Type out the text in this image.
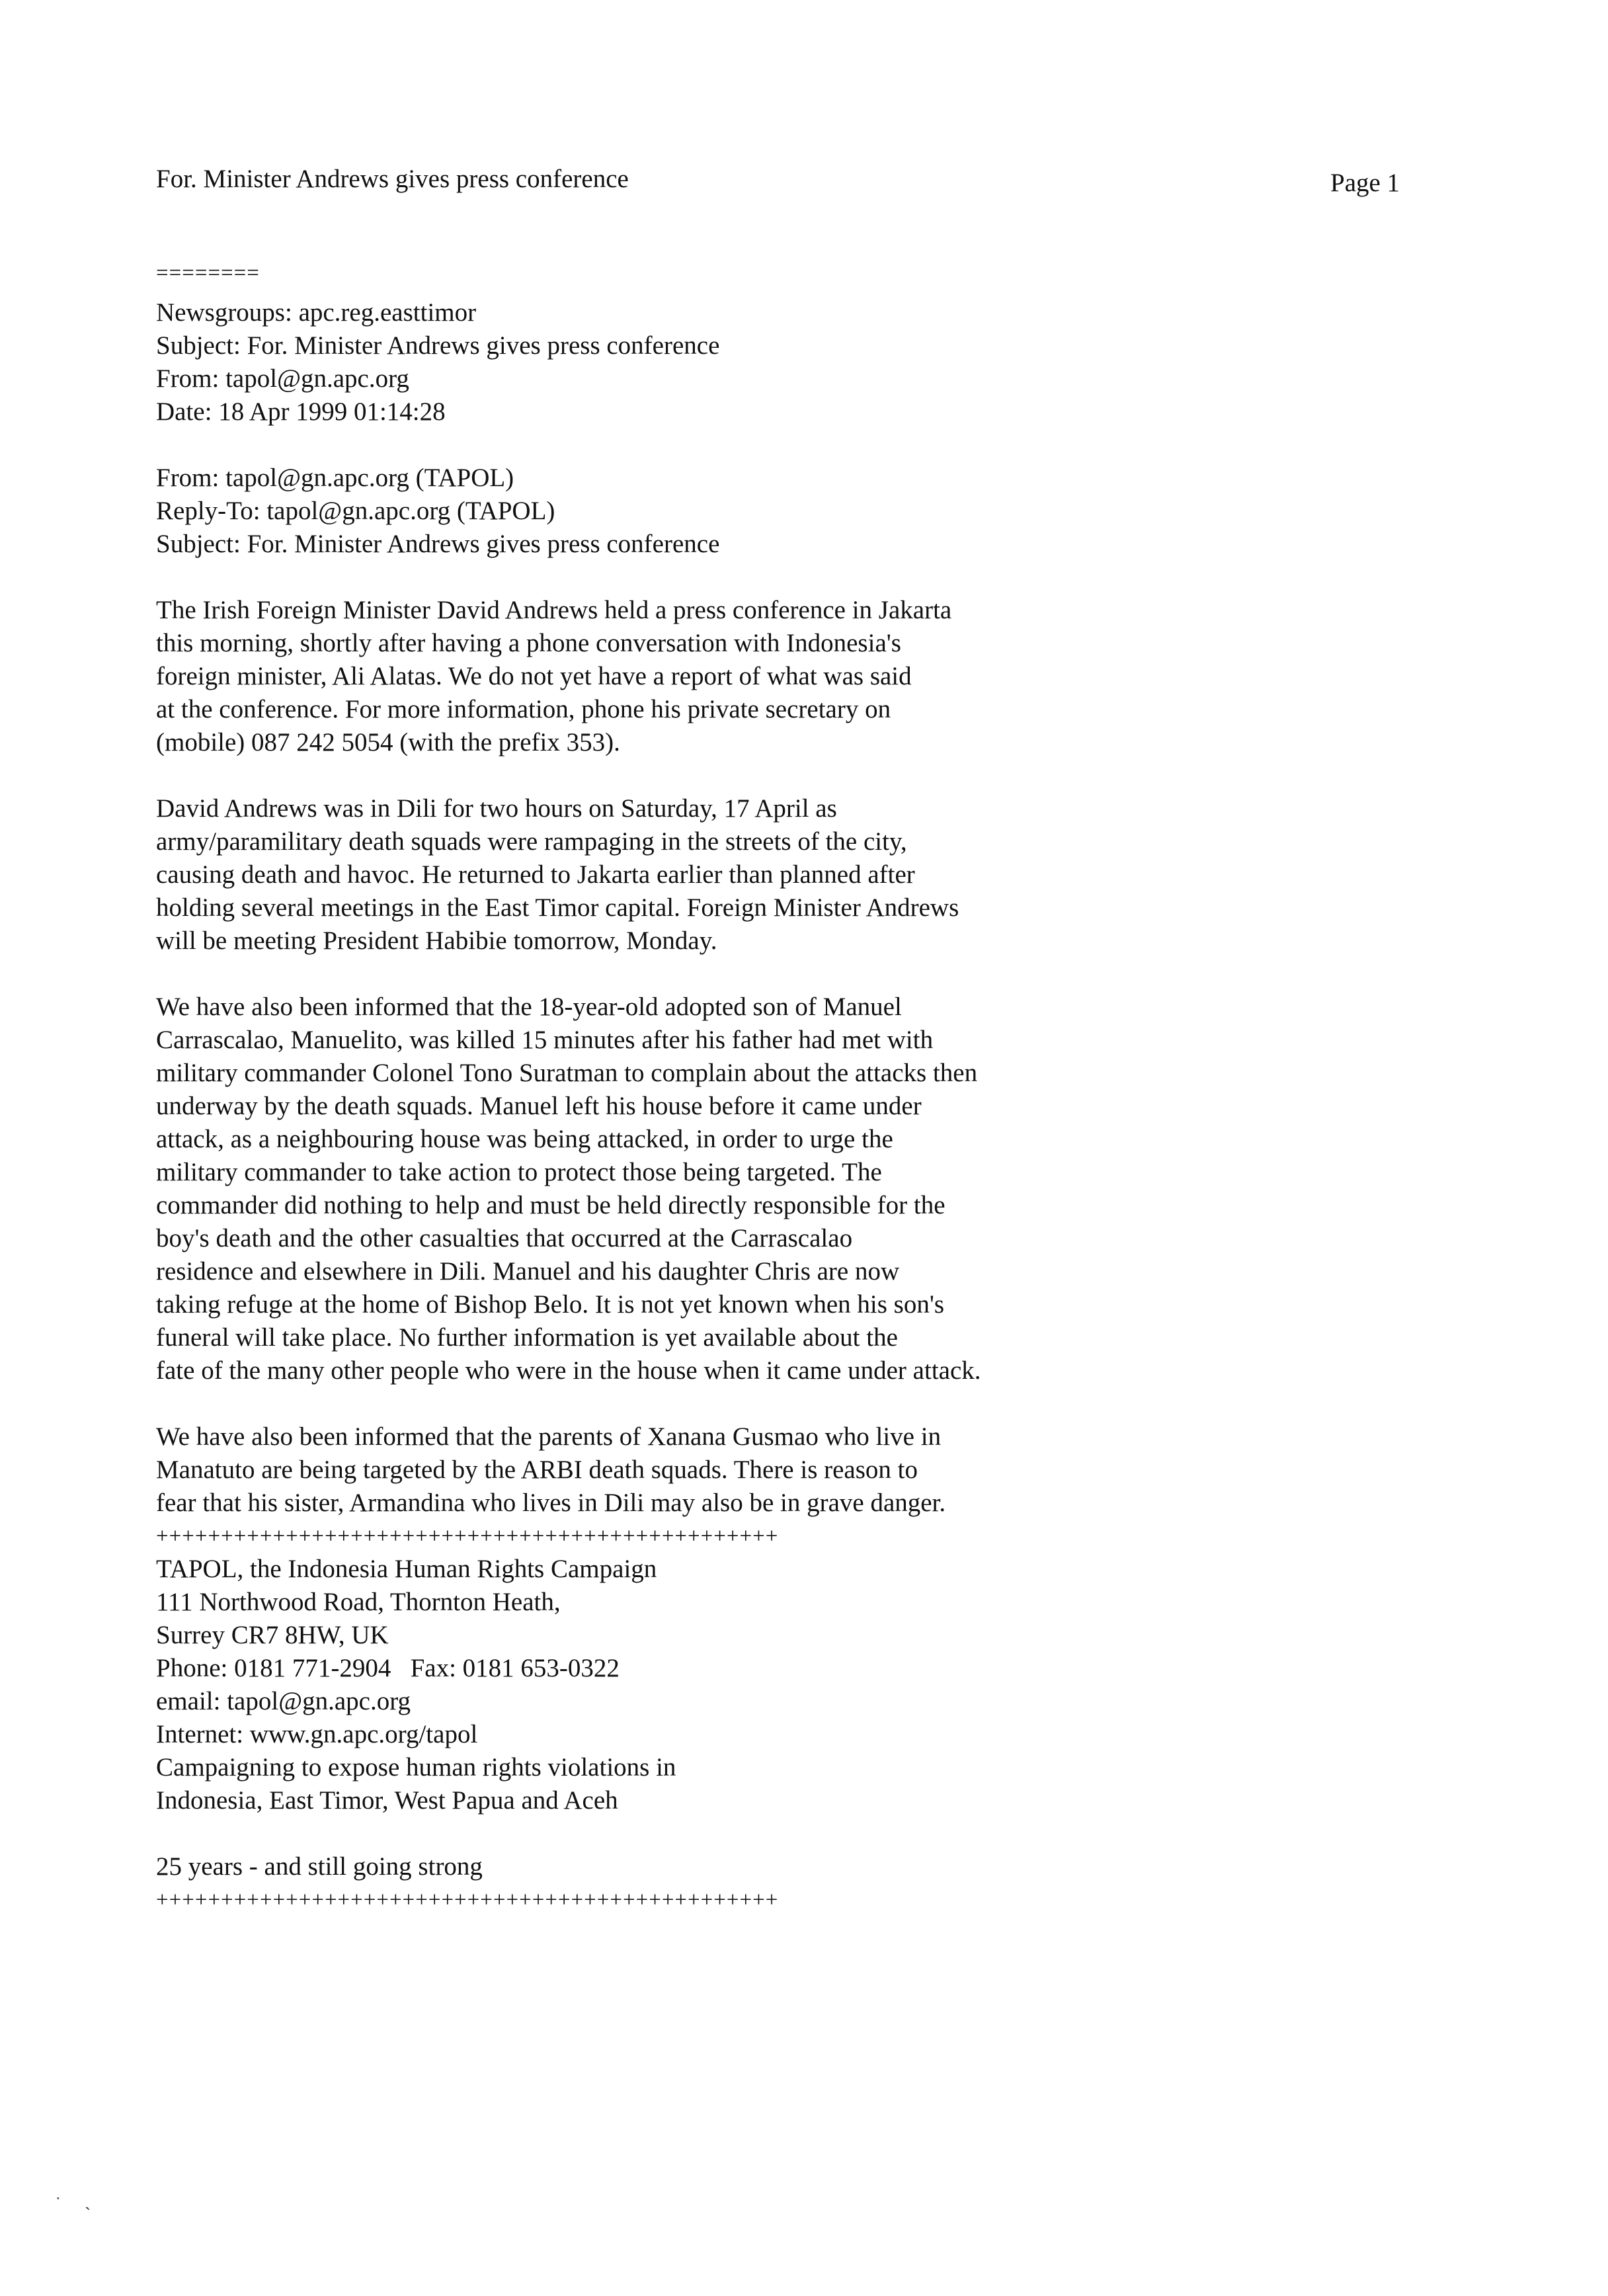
For. Minister Andrews gives press conference	Page 1
========
Newsgroups: apc.reg.easttimor
Subject: For. Minister Andrews gives press conference
From: tapol@gn.apc.org
Date: 18 Apr 1999 01:14:28
From: tapol@gn.apc.org (TAPOL)
Reply-To: tapol@gn.apc.org (TAPOL)
Subject: For. Minister Andrews gives press conference
The Irish Foreign Minister David Andrews held a press conference in Jakarta
this morning, shortly after having a phone conversation with Indonesia's
foreign minister, Ali Alatas. We do not yet have a report of what was said
at the conference. For more information, phone his private secretary on
(mobile) 087 242 5054 (with the prefix 353).
David Andrews was in Dili for two hours on Saturday, 17 April as
army/paramilitary death squads were rampaging in the streets of the city,
causing death and havoc. He returned to Jakarta earlier than planned after
holding several meetings in the East Timor capital. Foreign Minister Andrews
will be meeting President Habibie tomorrow, Monday.
We have also been informed that the 18-year-old adopted son of Manuel
Carrascalao, Manuelito, was killed 15 minutes after his father had met with
military commander Colonel Tono Suratman to complain about the attacks then
underway by the death squads. Manuel left his house before it came under
attack, as a neighbouring house was being attacked, in order to urge the
military commander to take action to protect those being targeted. The
commander did nothing to help and must be held directly responsible for the
boy's death and the other casualties that occurred at the Carrascalao
residence and elsewhere in Dili. Manuel and his daughter Chris are now
taking refuge at the home of Bishop Belo. It is not yet known when his son's
funeral will take place. No further information is yet available about the
fate of the many other people who were in the house when it came under attack.
We have also been informed that the parents of Xanana Gusmao who live in
Manatuto are being targeted by the ARBI death squads. There is reason to
fear that his sister, Armandina who lives in Dili may also be in grave danger.
++++++++++++++++++++++++++++++++++++++++++++++++
TAPOL, the Indonesia Human Rights Campaign
111 Northwood Road, Thornton Heath,
Surrey CR7 8HW, UK
Phone: 0181 771-2904   Fax: 0181 653-0322
email: tapol@gn.apc.org
Internet: www.gn.apc.org/tapol
Campaigning to expose human rights violations in
Indonesia, East Timor, West Papua and Aceh
25 years - and still going strong
++++++++++++++++++++++++++++++++++++++++++++++++
ˑ ˎ
